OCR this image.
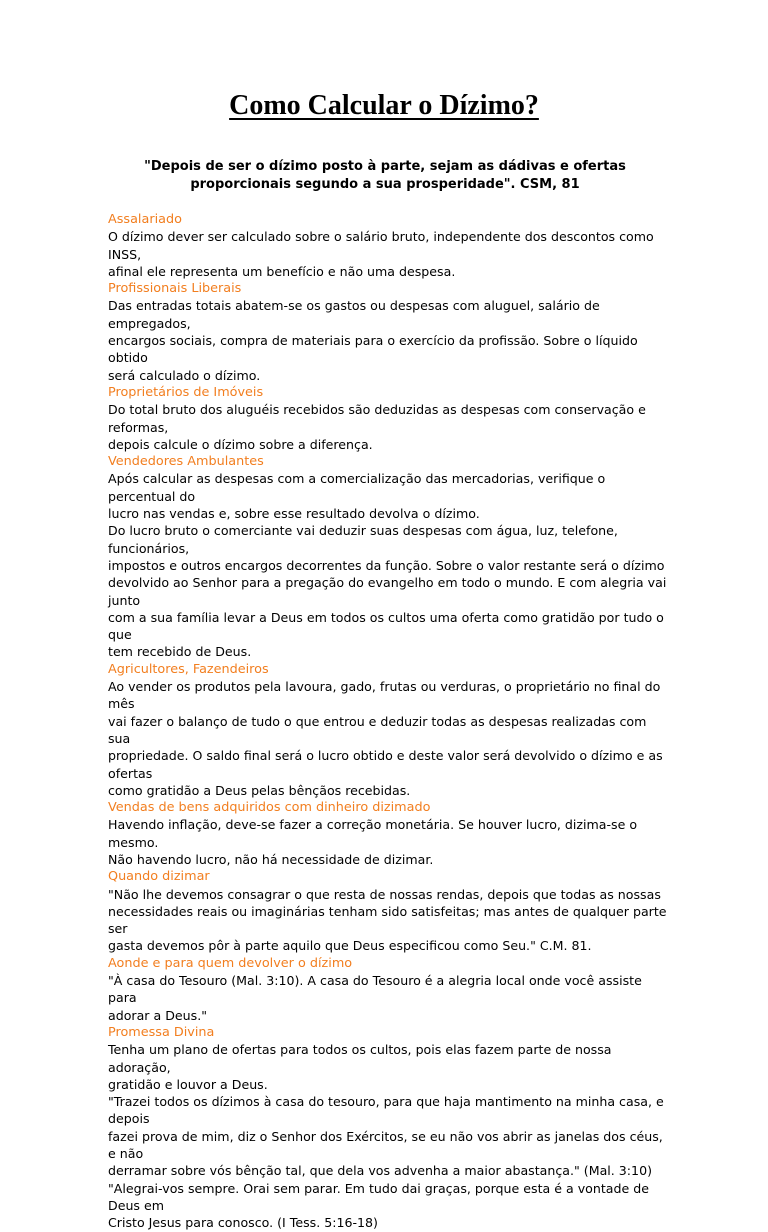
Como Calcular o Dízimo?

"Depois de ser o dízimo posto à parte, sejam as dádivas e ofertas proporcionais segundo a sua prosperidade". CSM, 81

Assalariado
O dízimo dever ser calculado sobre o salário bruto, independente dos descontos como INSS,
afinal ele representa um benefício e não uma despesa.
Profissionais Liberais
Das entradas totais abatem-se os gastos ou despesas com aluguel, salário de empregados,
encargos sociais, compra de materiais para o exercício da profissão. Sobre o líquido obtido
será calculado o dízimo.
Proprietários de Imóveis
Do total bruto dos aluguéis recebidos são deduzidas as despesas com conservação e reformas,
depois calcule o dízimo sobre a diferença.
Vendedores Ambulantes
Após calcular as despesas com a comercialização das mercadorias, verifique o percentual do
lucro nas vendas e, sobre esse resultado devolva o dízimo.
Do lucro bruto o comerciante vai deduzir suas despesas com água, luz, telefone, funcionários,
impostos e outros encargos decorrentes da função. Sobre o valor restante será o dízimo
devolvido ao Senhor para a pregação do evangelho em todo o mundo. E com alegria vai junto
com a sua família levar a Deus em todos os cultos uma oferta como gratidão por tudo o que
tem recebido de Deus.
Agricultores, Fazendeiros
Ao vender os produtos pela lavoura, gado, frutas ou verduras, o proprietário no final do mês
vai fazer o balanço de tudo o que entrou e deduzir todas as despesas realizadas com sua
propriedade. O saldo final será o lucro obtido e deste valor será devolvido o dízimo e as ofertas
como gratidão a Deus pelas bênçãos recebidas.
Vendas de bens adquiridos com dinheiro dizimado
Havendo inflação, deve-se fazer a correção monetária. Se houver lucro, dizima-se o mesmo.
Não havendo lucro, não há necessidade de dizimar.
Quando dizimar
"Não lhe devemos consagrar o que resta de nossas rendas, depois que todas as nossas
necessidades reais ou imaginárias tenham sido satisfeitas; mas antes de qualquer parte ser
gasta devemos pôr à parte aquilo que Deus especificou como Seu." C.M. 81.
Aonde e para quem devolver o dízimo
"À casa do Tesouro (Mal. 3:10). A casa do Tesouro é a alegria local onde você assiste para
adorar a Deus."
Promessa Divina
Tenha um plano de ofertas para todos os cultos, pois elas fazem parte de nossa adoração,
gratidão e louvor a Deus.
"Trazei todos os dízimos à casa do tesouro, para que haja mantimento na minha casa, e depois
fazei prova de mim, diz o Senhor dos Exércitos, se eu não vos abrir as janelas dos céus, e não
derramar sobre vós bênção tal, que dela vos advenha a maior abastança." (Mal. 3:10)
"Alegrai-vos sempre. Orai sem parar. Em tudo dai graças, porque esta é a vontade de Deus em
Cristo Jesus para conosco. (I Tess. 5:16-18)
